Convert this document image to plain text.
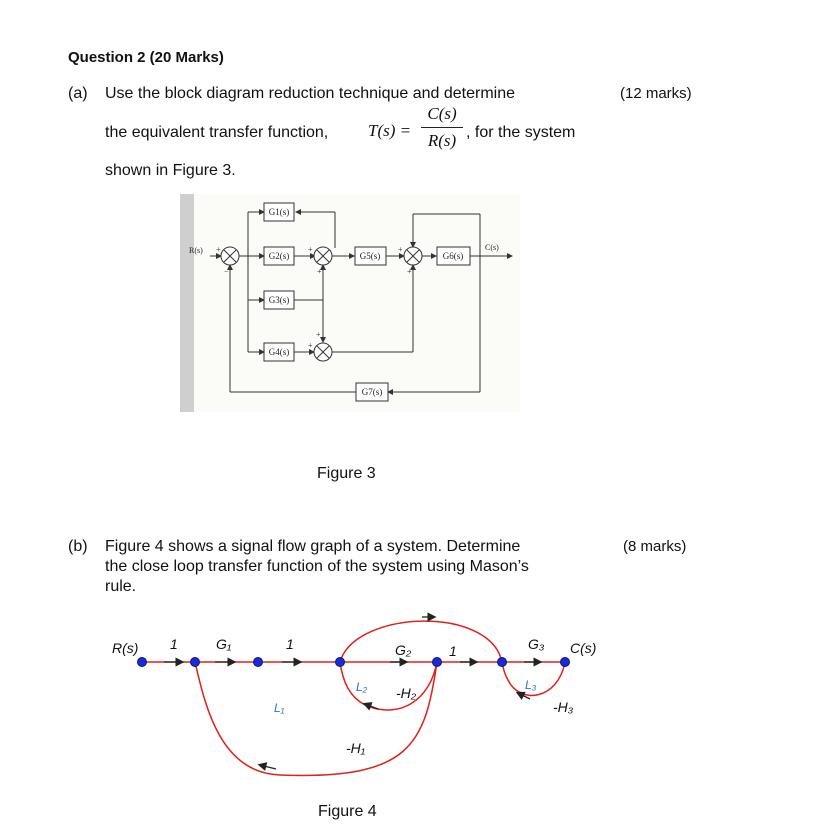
Question 2 (20 Marks)
(a) Use the block diagram reduction technique and determine	(12 marks)
the equivalent transfer function, T(s) =
C(s)
R(s) , for the system
shown in Figure 3.
G1(s)
G2(s)
G3(s)
G4(s)
G5(s)	G6(s)
G7(s)
R(s)	C(s)
+
−
+
+
+
+
+
+
Figure 3
(b) Figure 4 shows a signal flow graph of a system. Determine	(8 marks)
the close loop transfer function of the system using Mason’s
rule.
R(s)	C(s)
1	G₁	1	G₂	1	G₃
-H₁
-H₂
-H₃
L₁
L₂	L₃
Figure 4
